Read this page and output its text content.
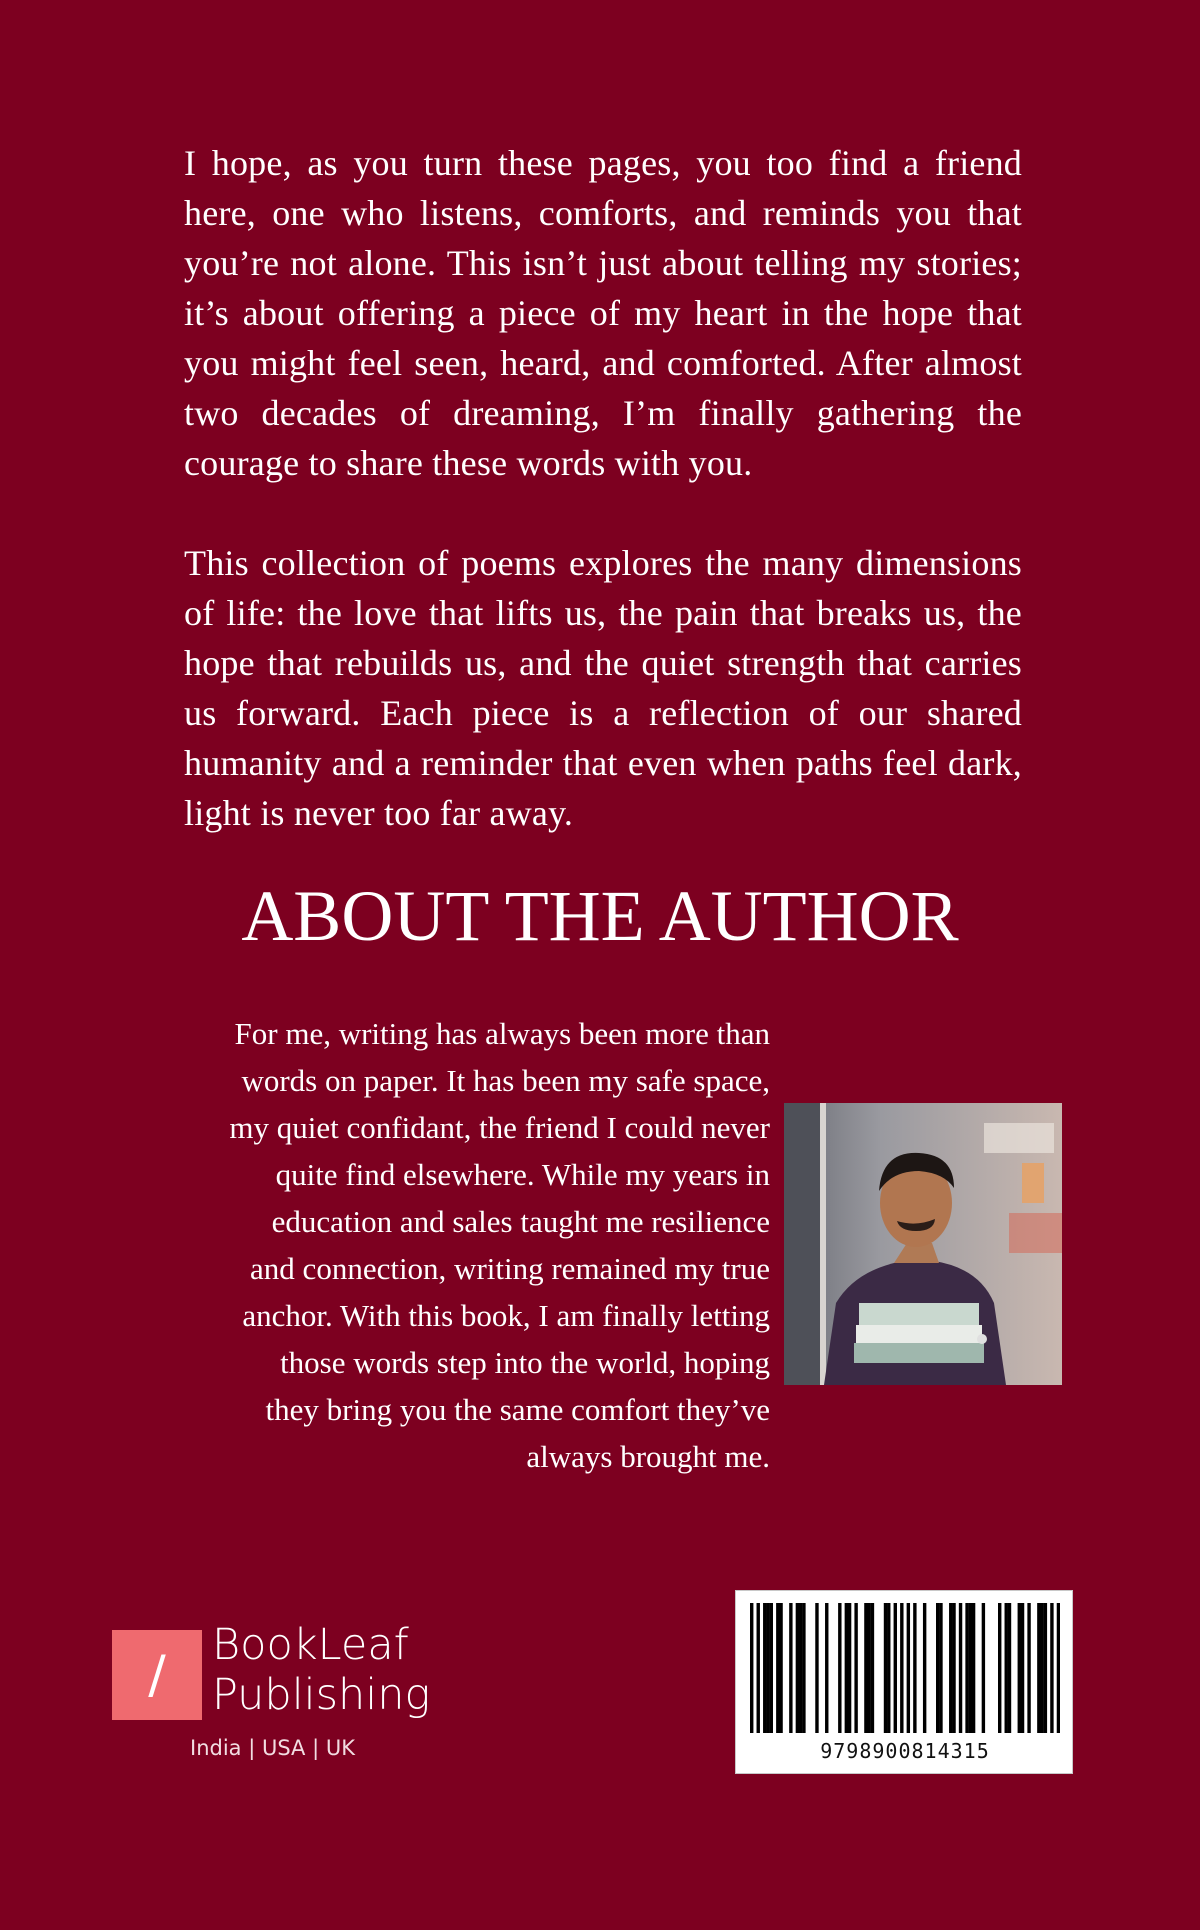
I hope, as you turn these pages, you too find a friend here, one who listens, comforts, and reminds you that you’re not alone. This isn’t just about telling my stories; it’s about offering a piece of my heart in the hope that you might feel seen, heard, and comforted. After almost two decades of dreaming, I’m finally gathering the courage to share these words with you.

This collection of poems explores the many dimensions of life: the love that lifts us, the pain that breaks us, the hope that rebuilds us, and the quiet strength that carries us forward. Each piece is a reflection of our shared humanity and a reminder that even when paths feel dark, light is never too far away.

ABOUT THE AUTHOR
For me, writing has always been more than
words on paper. It has been my safe space,
my quiet confidant, the friend I could never
quite find elsewhere. While my years in
education and sales taught me resilience
and connection, writing remained my true
anchor. With this book, I am finally letting
those words step into the world, hoping
they bring you the same comfort they’ve
always brought me.
/	BookLeaf
Publishing
India | USA | UK	9798900814315
